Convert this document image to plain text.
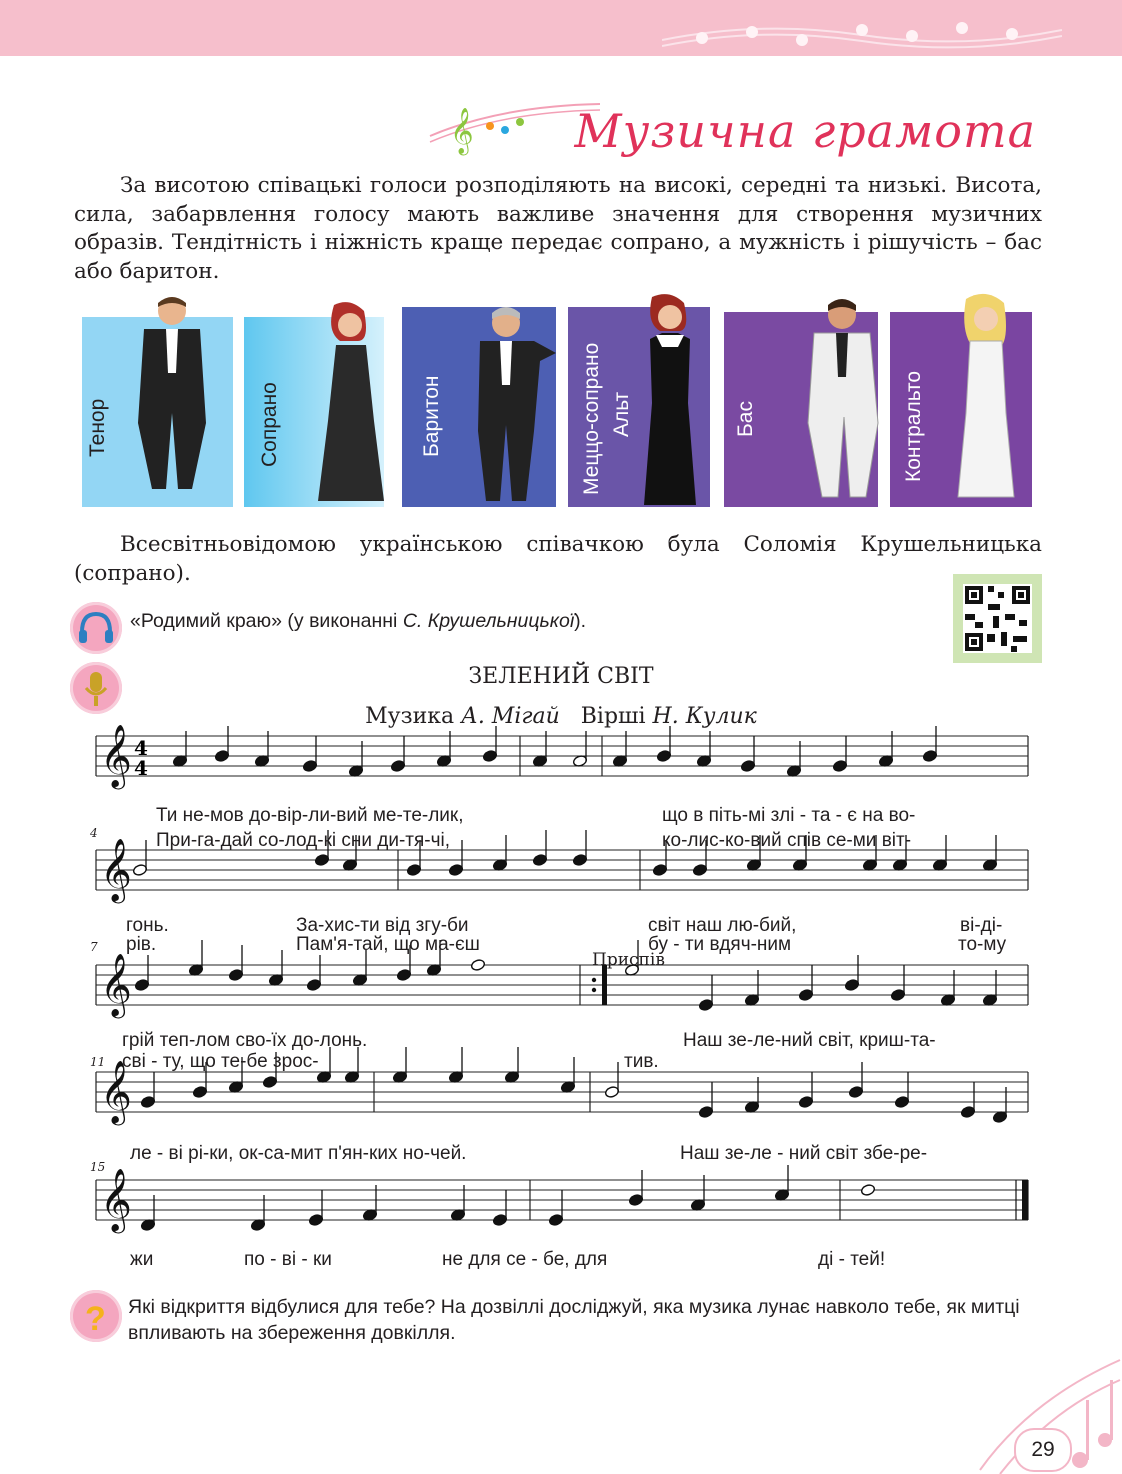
𝄞 Музична грамота

За висотою співацькі голоси розподіляють на високі, середні та низькі. Висота, сила, забарвлення голосу мають важливе значення для створення музичних образів. Тендітність і ніжність краще передає сопрано, а мужність і рішучість – бас або баритон.

Тенор	Сопрано	Баритон	Меццо-сопрано Альт	Бас	Контральто

Всесвітньовідомою українською співачкою була Соломія Крушельницька (сопрано).

«Родимий краю» (у виконанні С. Крушельницької).
ЗЕЛЕНИЙ СВІТ
Музика А. Мігай Вірші Н. Кулик
𝄞 4
4
𝄞
𝄞
𝄞
𝄞
4
7
11
15
Приспів
Ти не-мов до-вір-ли-вий ме-те-лик,	що в піть-мі злі - та - є на во-
При-га-дай со-лод-кі сни ди-тя-чі,	ко-лис-ко-вий спів се-ми віт-
гонь.	За-хис-ти від згу-би	світ наш лю-бий,	ві-ді-
рів.	Пам'я-тай, що ма-єш	бу - ти вдяч-ним	то-му
грій теп-лом сво-їх до-лонь.	Наш зе-ле-ний світ, криш-та-
сві - ту, що те-бе зрос-	тив.
ле - ві рі-ки, ок-са-мит п'ян-ких но-чей.	Наш зе-ле - ний світ збе-ре-
жи	по - ві - ки	не для се - бе, для	ді - тей!
? Які відкриття відбулися для тебе? На дозвіллі досліджуй, яка музика лунає навколо тебе, як митці впливають на збереження довкілля.
29
